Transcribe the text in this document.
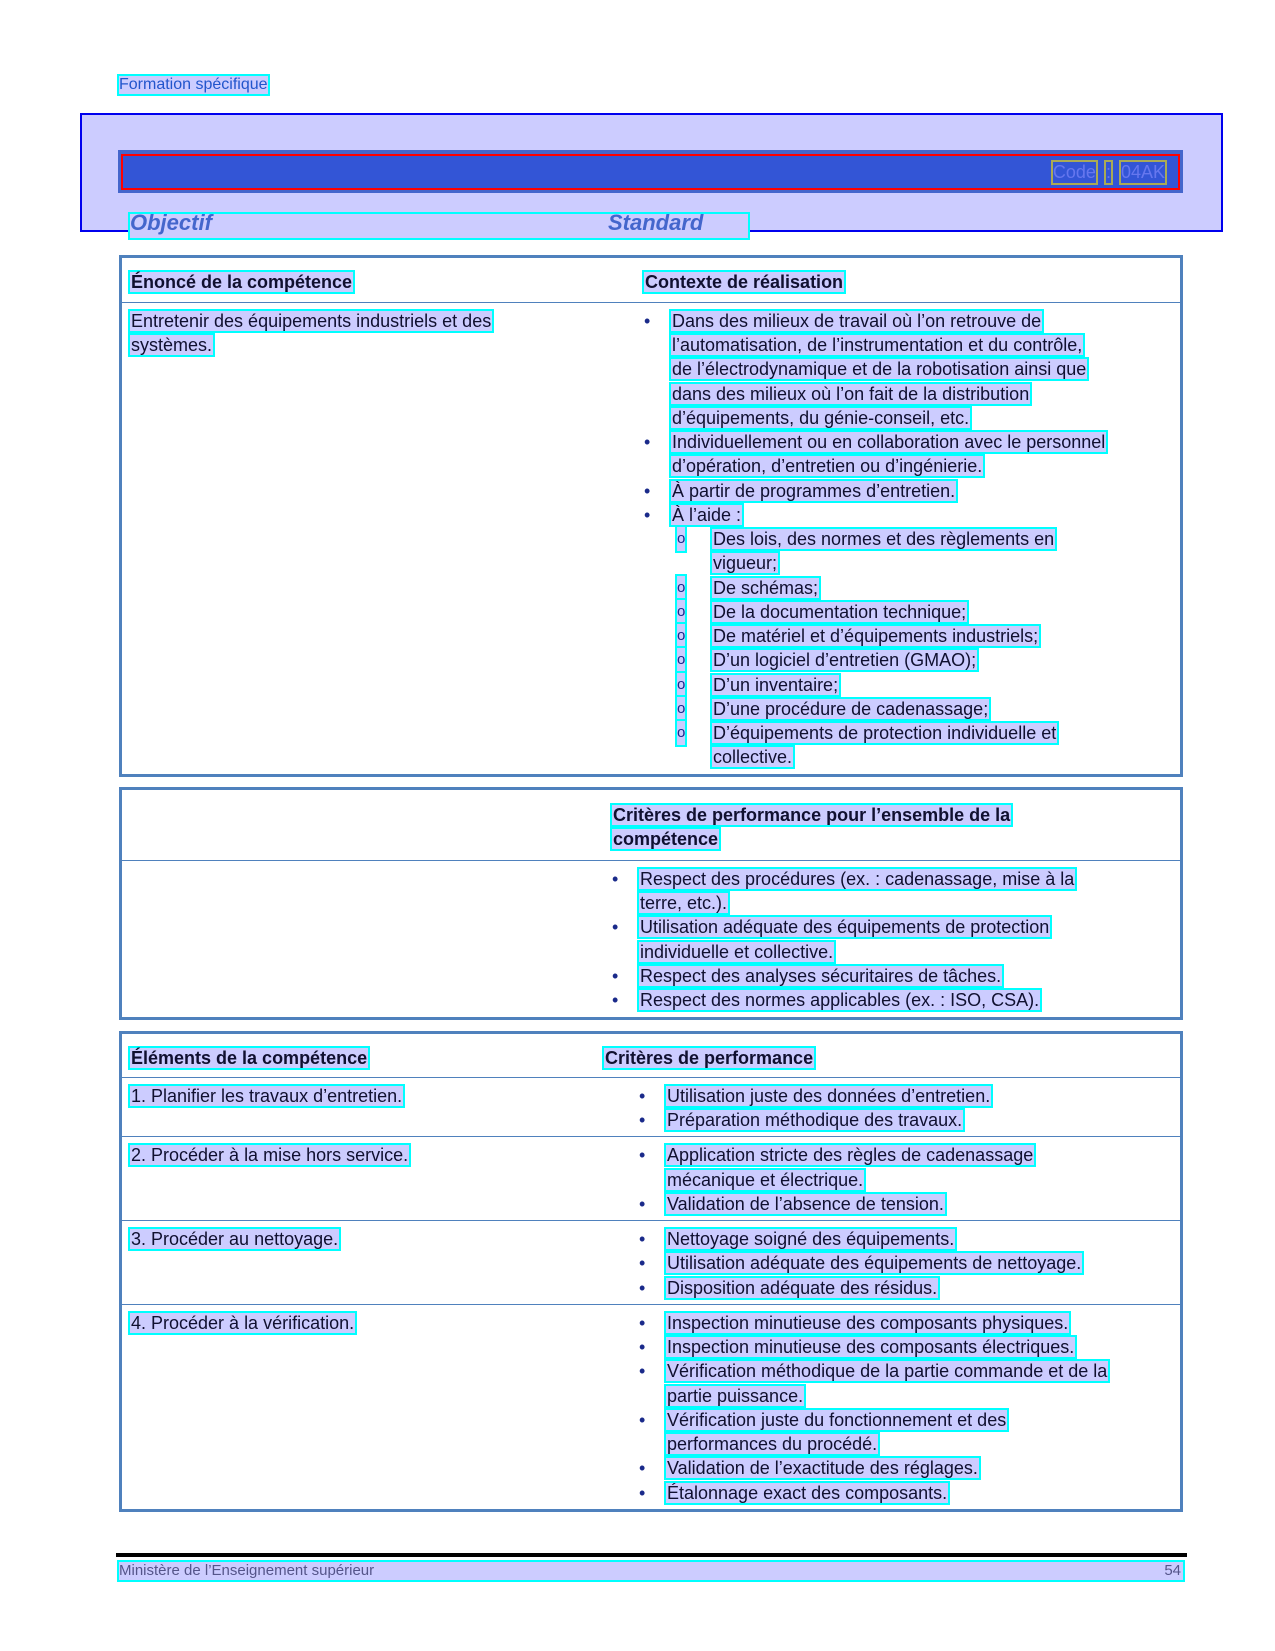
Formation spécifique
Code : 04AK
Objectif	Standard
Énoncé de la compétence	Contexte de réalisation
Entretenir des équipements industriels et des
systèmes.
•	Dans des milieux de travail où l’on retrouve de
l’automatisation, de l’instrumentation et du contrôle,
de l’électrodynamique et de la robotisation ainsi que
dans des milieux où l’on fait de la distribution
d’équipements, du génie-conseil, etc.
•	Individuellement ou en collaboration avec le personnel
d’opération, d’entretien ou d’ingénierie.
•	À partir de programmes d’entretien.
•	À l’aide :
o	Des lois, des normes et des règlements en
vigueur;
o	De schémas;
o	De la documentation technique;
o	De matériel et d’équipements industriels;
o	D’un logiciel d’entretien (GMAO);
o	D’un inventaire;
o	D’une procédure de cadenassage;
o	D’équipements de protection individuelle et
collective.
Critères de performance pour l’ensemble de la
compétence
•	Respect des procédures (ex. : cadenassage, mise à la
terre, etc.).
•	Utilisation adéquate des équipements de protection
individuelle et collective.
•	Respect des analyses sécuritaires de tâches.
•	Respect des normes applicables (ex. : ISO, CSA).
Éléments de la compétence	Critères de performance
1. Planifier les travaux d’entretien.	•	Utilisation juste des données d’entretien.
•	Préparation méthodique des travaux.
2. Procéder à la mise hors service.	•	Application stricte des règles de cadenassage
mécanique et électrique.
•	Validation de l’absence de tension.
3. Procéder au nettoyage.	•	Nettoyage soigné des équipements.
•	Utilisation adéquate des équipements de nettoyage.
•	Disposition adéquate des résidus.
4. Procéder à la vérification.	•	Inspection minutieuse des composants physiques.
•	Inspection minutieuse des composants électriques.
•	Vérification méthodique de la partie commande et de la
partie puissance.
•	Vérification juste du fonctionnement et des
performances du procédé.
•	Validation de l’exactitude des réglages.
•	Étalonnage exact des composants.
Ministère de l’Enseignement supérieur	54
